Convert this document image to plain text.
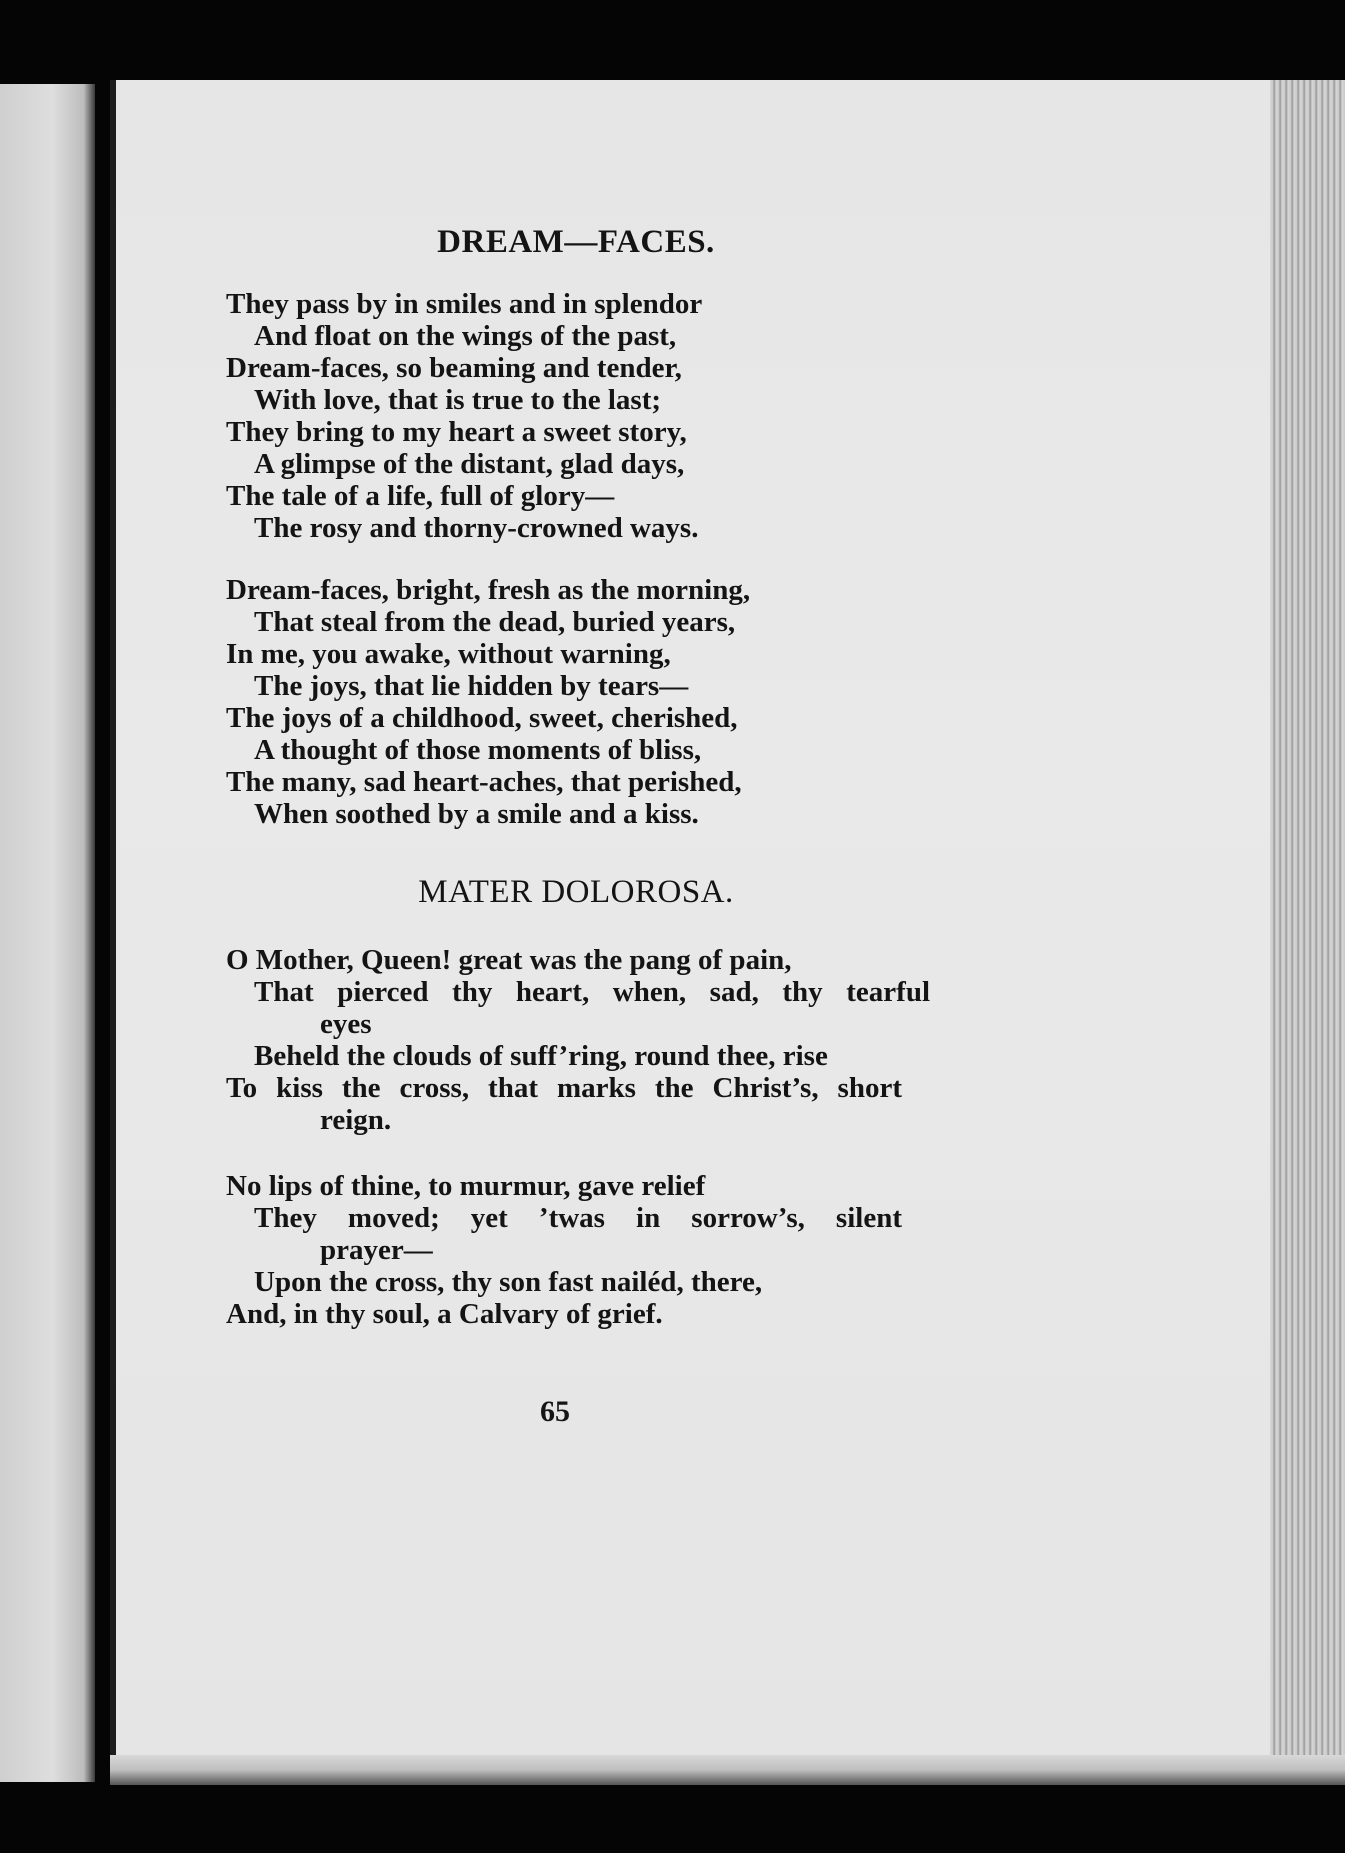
DREAM—FACES.
They pass by in smiles and in splendor
And float on the wings of the past,
Dream-faces, so beaming and tender,
With love, that is true to the last;
They bring to my heart a sweet story,
A glimpse of the distant, glad days,
The tale of a life, full of glory—
The rosy and thorny-crowned ways.
Dream-faces, bright, fresh as the morning,
That steal from the dead, buried years,
In me, you awake, without warning,
The joys, that lie hidden by tears—
The joys of a childhood, sweet, cherished,
A thought of those moments of bliss,
The many, sad heart-aches, that perished,
When soothed by a smile and a kiss.
MATER DOLOROSA.
O Mother, Queen! great was the pang of pain,
That pierced thy heart, when, sad, thy tearful
eyes
Beheld the clouds of suff’ring, round thee, rise
To kiss the cross, that marks the Christ’s, short
reign.
No lips of thine, to murmur, gave relief
They moved; yet ’twas in sorrow’s, silent
prayer—
Upon the cross, thy son fast nailéd, there,
And, in thy soul, a Calvary of grief.
65
